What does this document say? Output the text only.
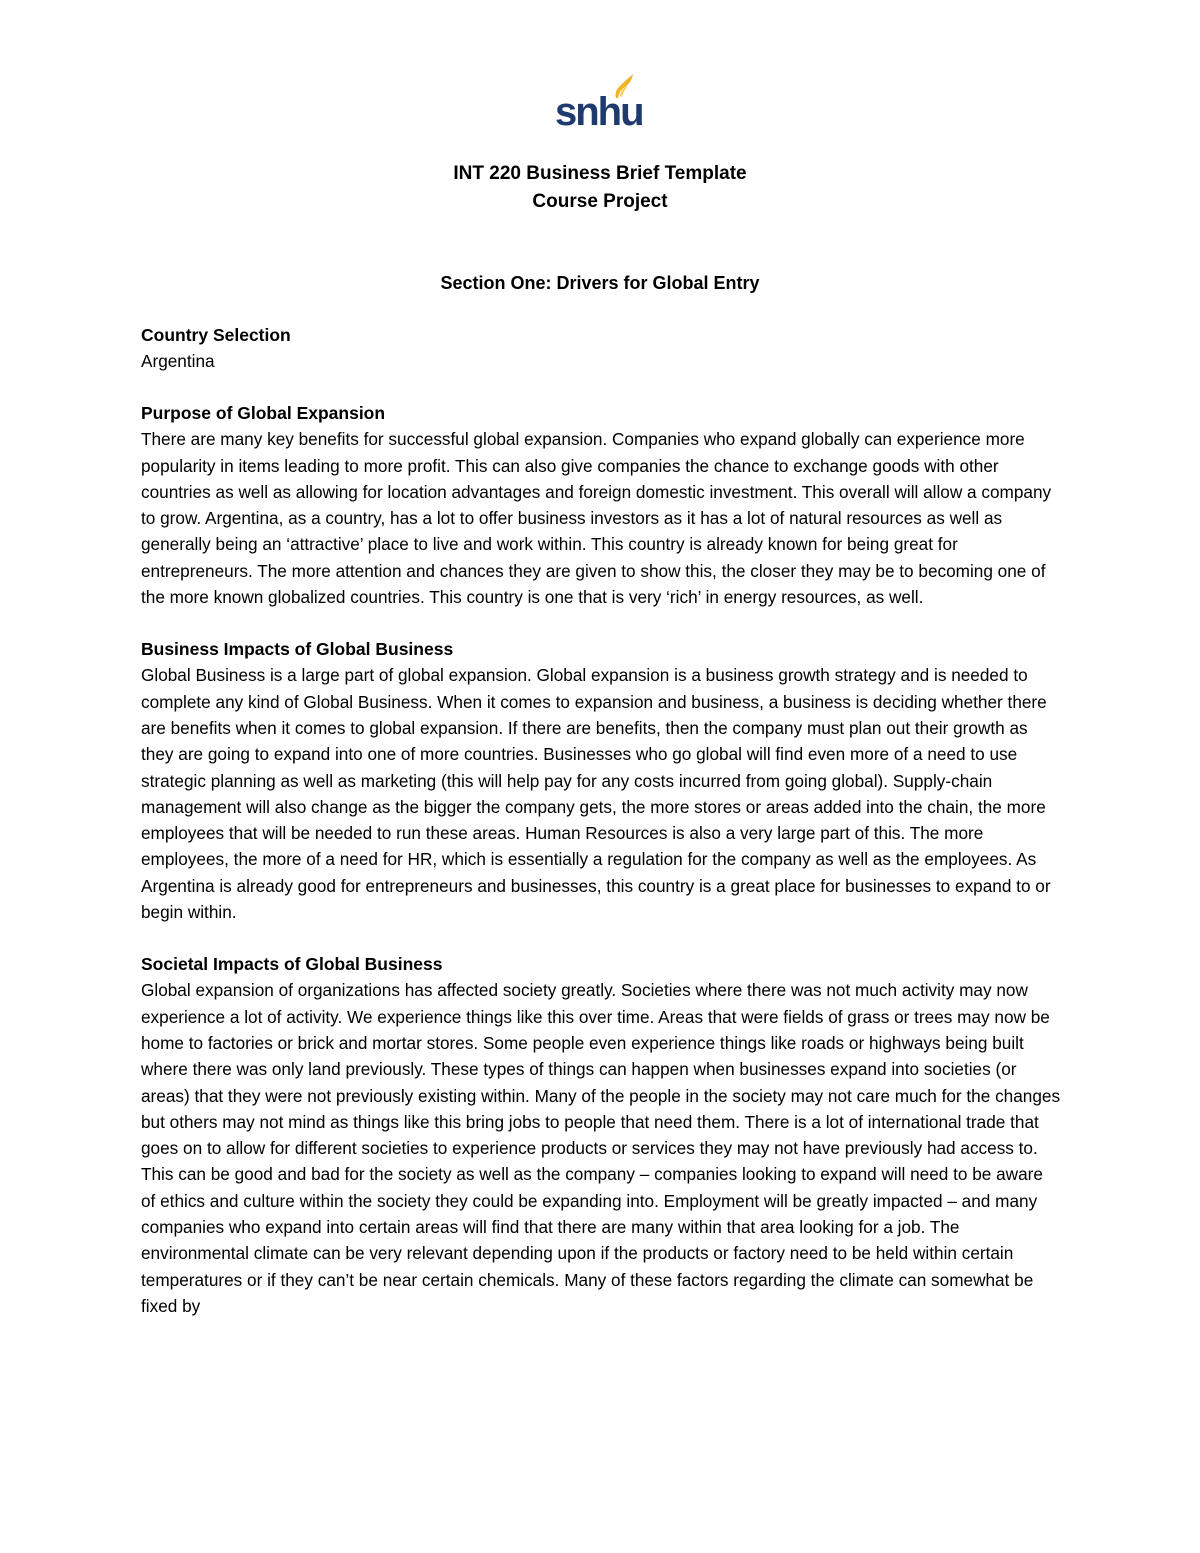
snhu
INT 220 Business Brief Template
Course Project
Section One: Drivers for Global Entry
Country Selection

Argentina

Purpose of Global Expansion

There are many key benefits for successful global expansion. Companies who expand globally can experience more popularity in items leading to more profit. This can also give companies the chance to exchange goods with other countries as well as allowing for location advantages and foreign domestic investment. This overall will allow a company to grow. Argentina, as a country, has a lot to offer business investors as it has a lot of natural resources as well as generally being an ‘attractive’ place to live and work within. This country is already known for being great for entrepreneurs. The more attention and chances they are given to show this, the closer they may be to becoming one of the more known globalized countries. This country is one that is very ‘rich’ in energy resources, as well.

Business Impacts of Global Business

Global Business is a large part of global expansion. Global expansion is a business growth strategy and is needed to complete any kind of Global Business. When it comes to expansion and business, a business is deciding whether there are benefits when it comes to global expansion. If there are benefits, then the company must plan out their growth as they are going to expand into one of more countries. Businesses who go global will find even more of a need to use strategic planning as well as marketing (this will help pay for any costs incurred from going global). Supply-chain management will also change as the bigger the company gets, the more stores or areas added into the chain, the more employees that will be needed to run these areas. Human Resources is also a very large part of this. The more employees, the more of a need for HR, which is essentially a regulation for the company as well as the employees. As Argentina is already good for entrepreneurs and businesses, this country is a great place for businesses to expand to or begin within.

Societal Impacts of Global Business

Global expansion of organizations has affected society greatly. Societies where there was not much activity may now experience a lot of activity. We experience things like this over time. Areas that were fields of grass or trees may now be home to factories or brick and mortar stores. Some people even experience things like roads or highways being built where there was only land previously. These types of things can happen when businesses expand into societies (or areas) that they were not previously existing within. Many of the people in the society may not care much for the changes but others may not mind as things like this bring jobs to people that need them. There is a lot of international trade that goes on to allow for different societies to experience products or services they may not have previously had access to. This can be good and bad for the society as well as the company – companies looking to expand will need to be aware of ethics and culture within the society they could be expanding into. Employment will be greatly impacted – and many companies who expand into certain areas will find that there are many within that area looking for a job. The environmental climate can be very relevant depending upon if the products or factory need to be held within certain temperatures or if they can’t be near certain chemicals. Many of these factors regarding the climate can somewhat be fixed by
